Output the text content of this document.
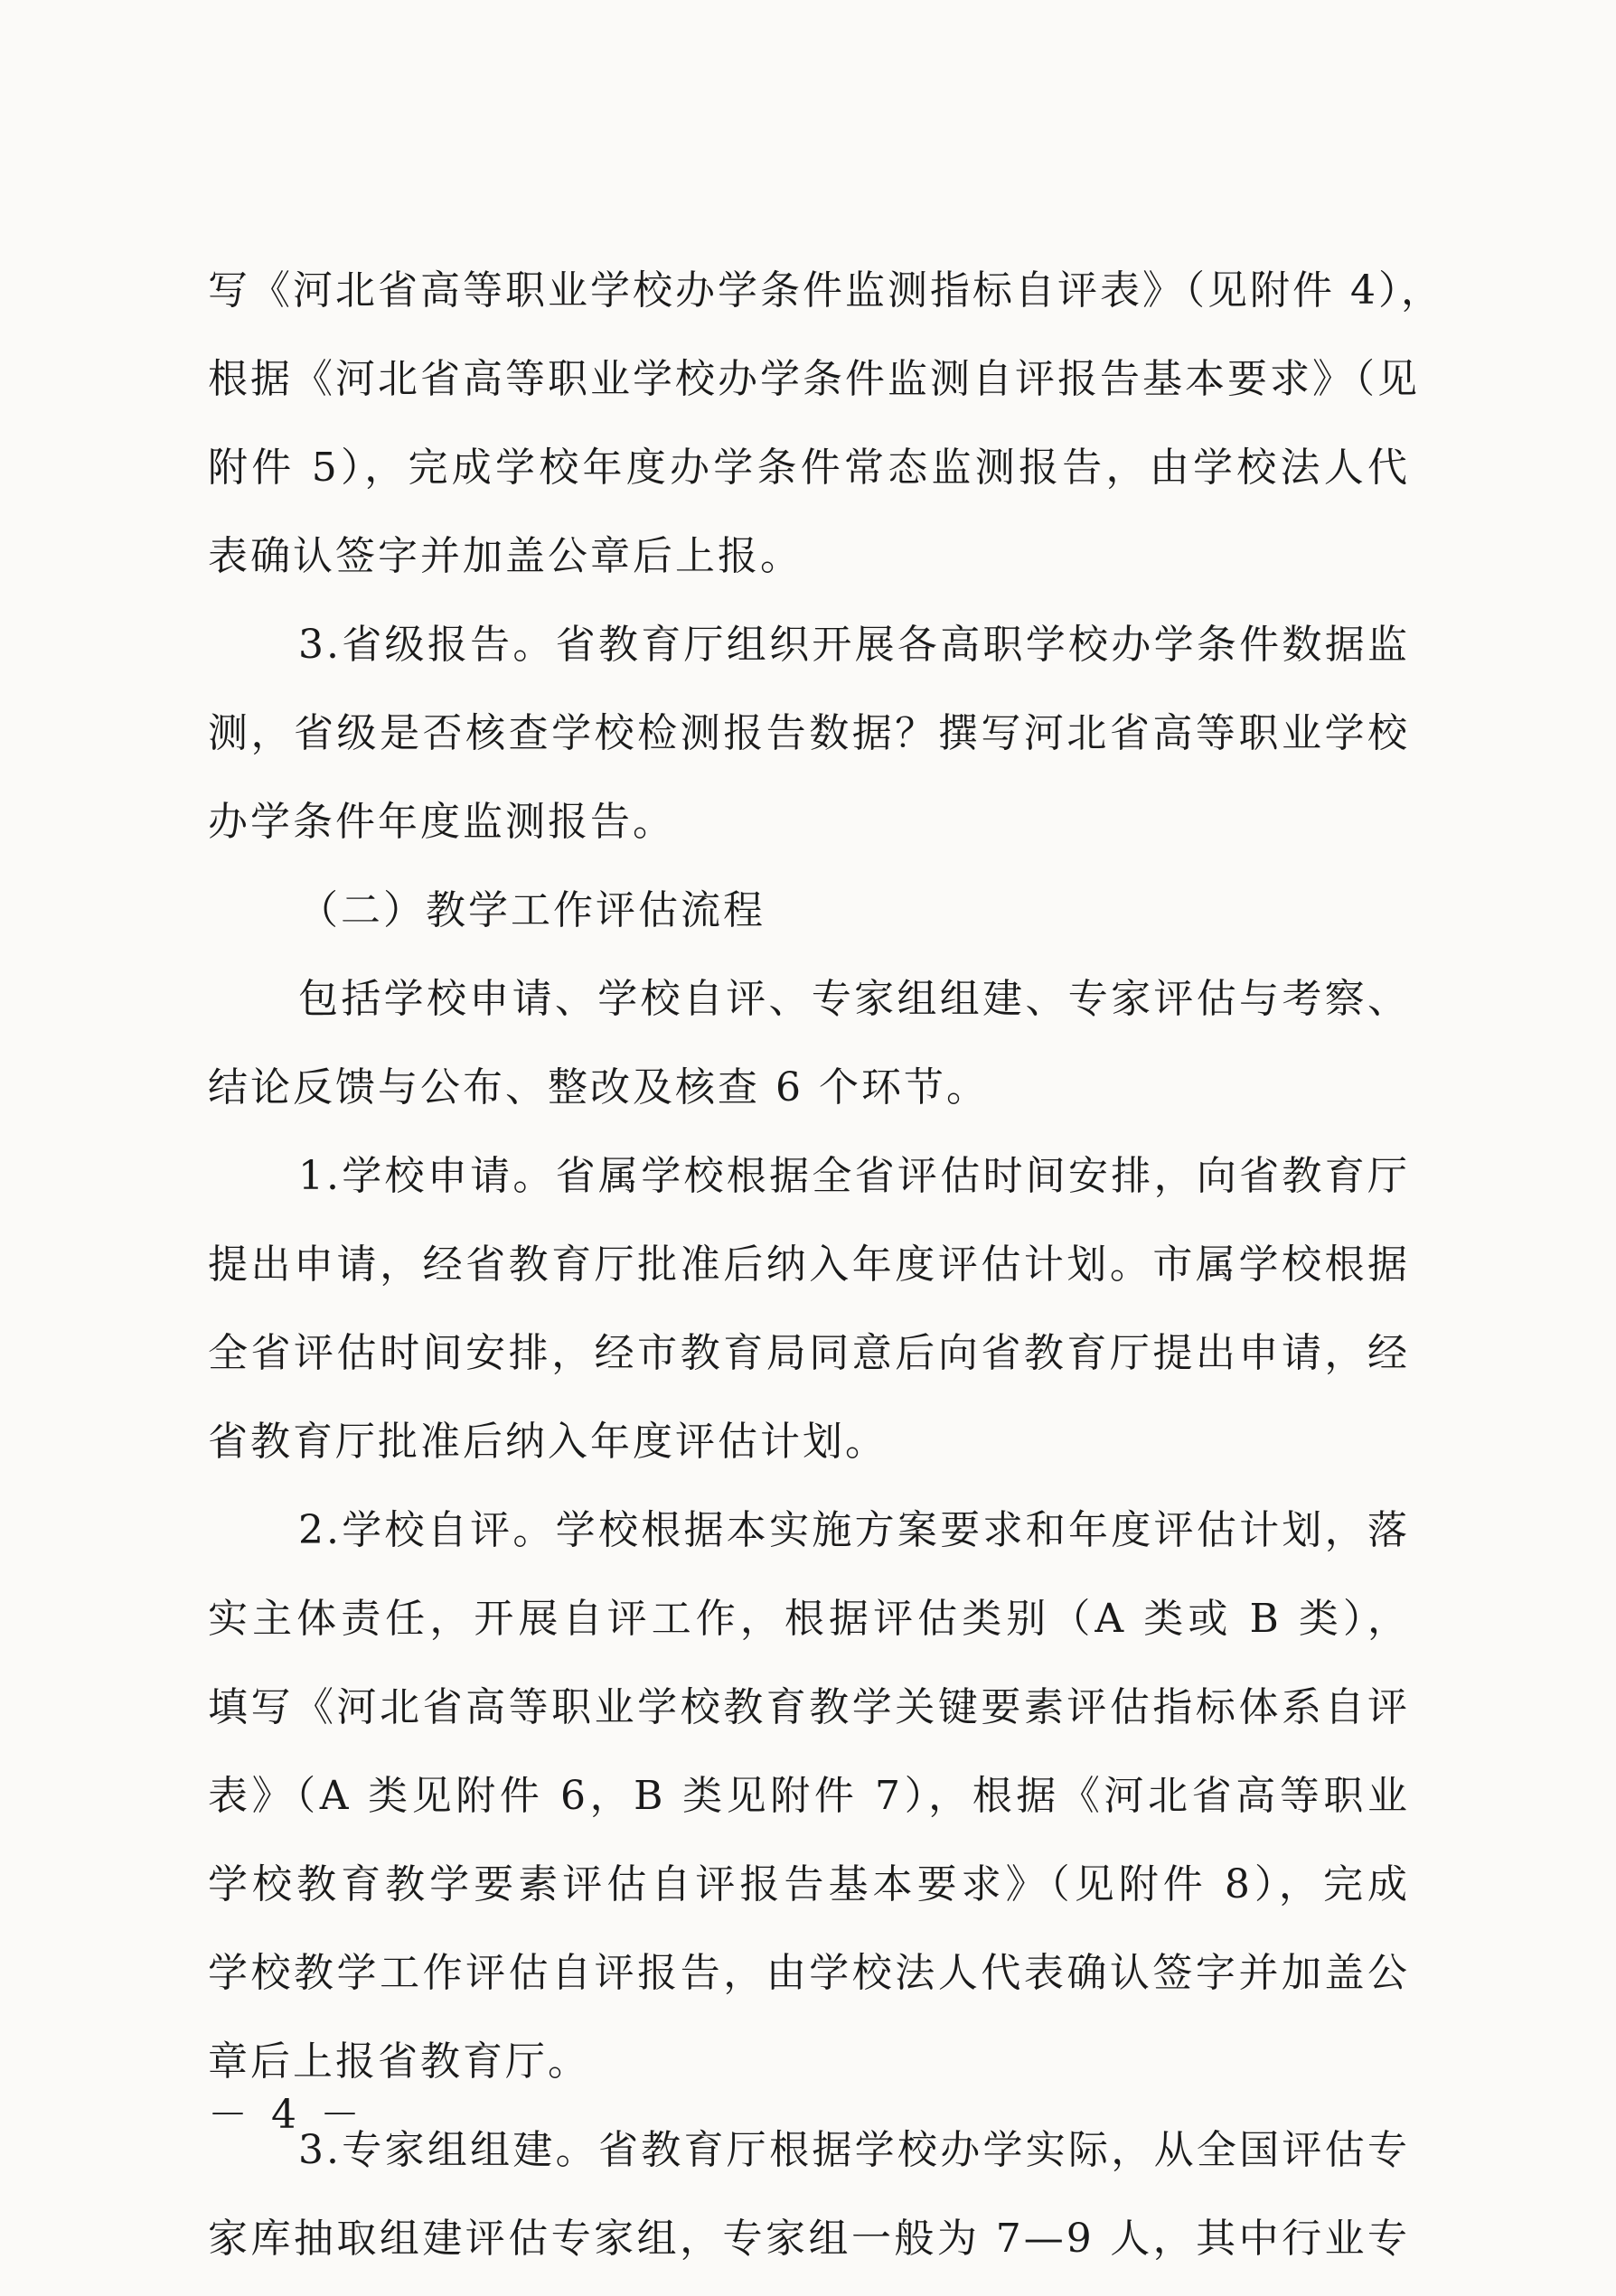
写《河北省高等职业学校办学条件监测指标自评表》（见附件 4），
根据《河北省高等职业学校办学条件监测自评报告基本要求》（见
附件 5），完成学校年度办学条件常态监测报告，由学校法人代
表确认签字并加盖公章后上报。
3.省级报告。省教育厅组织开展各高职学校办学条件数据监
测，省级是否核查学校检测报告数据？撰写河北省高等职业学校
办学条件年度监测报告。
（二）教学工作评估流程
包括学校申请、学校自评、专家组组建、专家评估与考察、
结论反馈与公布、整改及核查 6 个环节。
1.学校申请。省属学校根据全省评估时间安排，向省教育厅
提出申请，经省教育厅批准后纳入年度评估计划。市属学校根据
全省评估时间安排，经市教育局同意后向省教育厅提出申请，经
省教育厅批准后纳入年度评估计划。
2.学校自评。学校根据本实施方案要求和年度评估计划，落
实主体责任，开展自评工作，根据评估类别（A 类或 B 类），
填写《河北省高等职业学校教育教学关键要素评估指标体系自评
表》（A 类见附件 6，B 类见附件 7），根据《河北省高等职业
学校教育教学要素评估自评报告基本要求》（见附件 8），完成
学校教学工作评估自评报告，由学校法人代表确认签字并加盖公
章后上报省教育厅。
3.专家组组建。省教育厅根据学校办学实际，从全国评估专
家库抽取组建评估专家组，专家组一般为 7—9 人，其中行业专
－ 4 －
